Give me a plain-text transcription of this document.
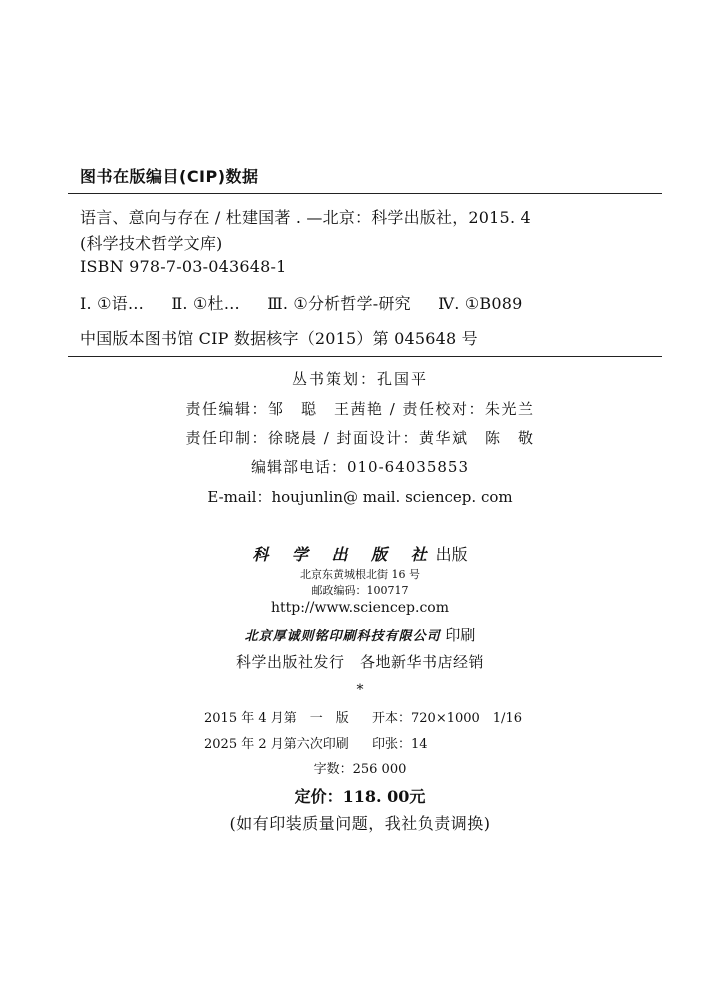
图书在版编目(CIP)数据
语言、意向与存在 / 杜建国著 . —北京：科学出版社，2015. 4
(科学技术哲学文库)
ISBN 978-7-03-043648-1
Ⅰ. ①语… Ⅱ. ①杜… Ⅲ. ①分析哲学-研究 Ⅳ. ①B089
中国版本图书馆 CIP 数据核字（2015）第 045648 号
丛书策划：孔国平
责任编辑：邹　聪　王茜艳 / 责任校对：朱光兰
责任印制：徐晓晨 / 封面设计：黄华斌　陈　敬
编辑部电话：010-64035853
E-mail：houjunlin@ mail. sciencep. com
科 学 出 版 社出版
北京东黄城根北街 16 号
邮政编码：100717
http://www.sciencep.com
北京厚诚则铭印刷科技有限公司 印刷
科学出版社发行　各地新华书店经销
*
2015 年 4 月第　一　版 开本：720×1000　1/16
2025 年 2 月第六次印刷 印张：14
字数：256 000
定价：118. 00元
(如有印装质量问题，我社负责调换)
